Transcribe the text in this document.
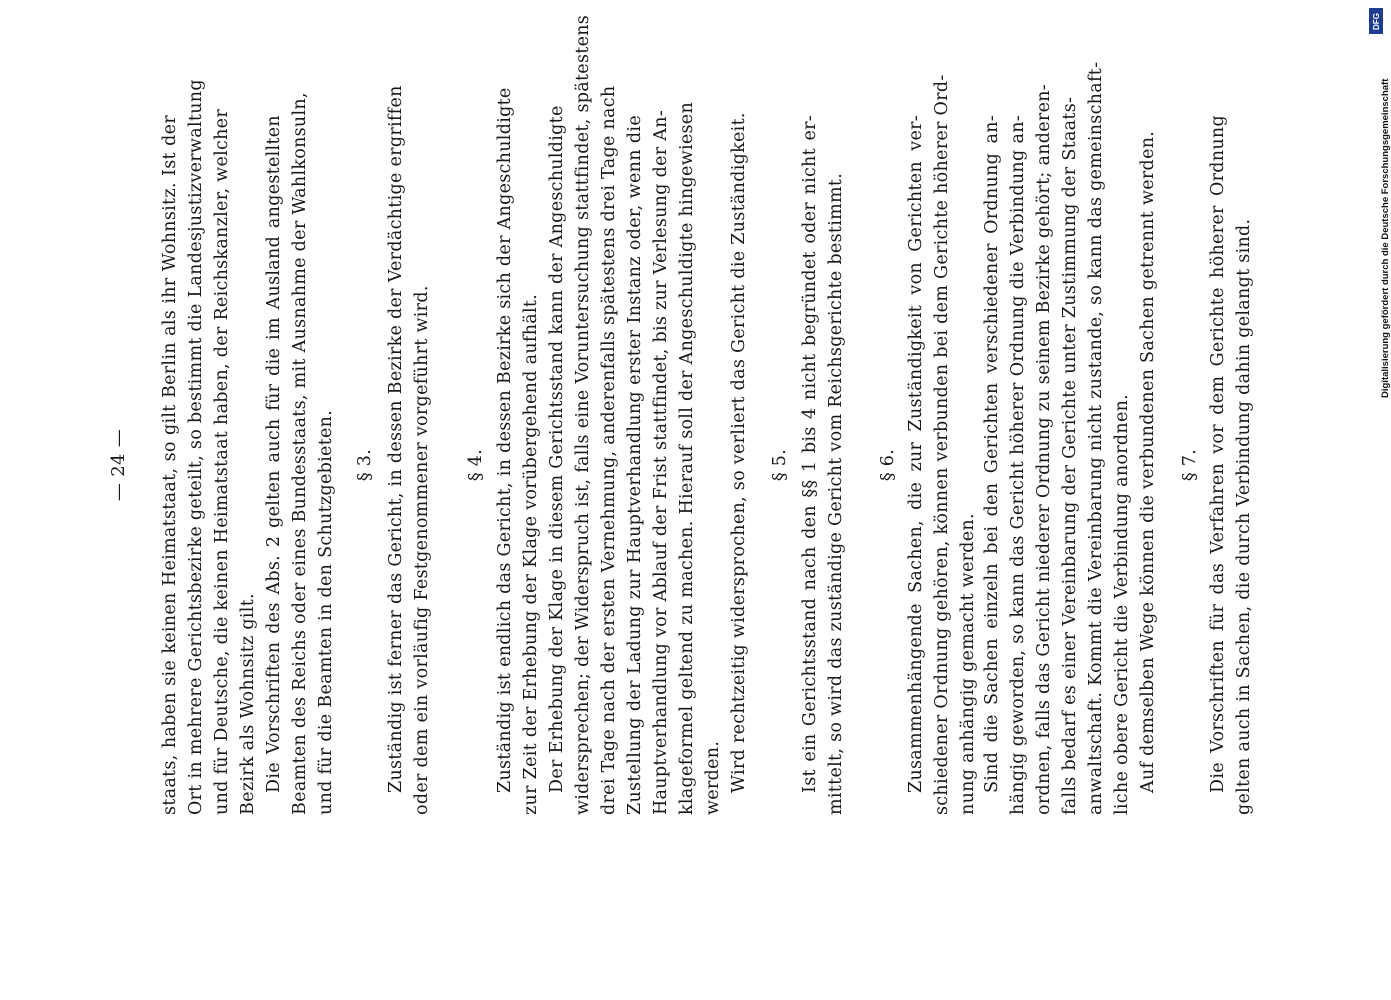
— 24 — staats, haben sie keinen Heimatstaat, so gilt Berlin als ihr Wohnsitz. Ist der Ort in mehrere Gerichtsbezirke geteilt, so bestimmt die Landesjustizverwaltung und für Deutsche, die keinen Heimatstaat haben, der Reichskanzler, welcher Bezirk als Wohnsitz gilt. Die Vorschriften des Abs. 2 gelten auch für die im Ausland angestellten Beamten des Reichs oder eines Bundesstaats, mit Ausnahme der Wahlkonsuln, und für die Beamten in den Schutzgebieten. § 3. Zuständig ist ferner das Gericht, in dessen Bezirke der Verdächtige ergriffen oder dem ein vorläufig Festgenommener vorgeführt wird. § 4. Zuständig ist endlich das Gericht, in dessen Bezirke sich der Angeschuldigte zur Zeit der Erhebung der Klage vorübergehend aufhält. Der Erhebung der Klage in diesem Gerichtsstand kann der Angeschuldigte widersprechen; der Widerspruch ist, falls eine Voruntersuchung stattfindet, spätestens drei Tage nach der ersten Vernehmung, anderenfalls spätestens drei Tage nach Zustellung der Ladung zur Hauptverhandlung erster Instanz oder, wenn die Hauptverhandlung vor Ablauf der Frist stattfindet, bis zur Verlesung der An- klageformel geltend zu machen. Hierauf soll der Angeschuldigte hingewiesen werden. Wird rechtzeitig widersprochen, so verliert das Gericht die Zuständigkeit. § 5. Ist ein Gerichtsstand nach den §§ 1 bis 4 nicht begründet oder nicht er- mittelt, so wird das zuständige Gericht vom Reichsgerichte bestimmt. § 6. Zusammenhängende Sachen, die zur Zuständigkeit von Gerichten ver- schiedener Ordnung gehören, können verbunden bei dem Gerichte höherer Ord- nung anhängig gemacht werden. Sind die Sachen einzeln bei den Gerichten verschiedener Ordnung an- hängig geworden, so kann das Gericht höherer Ordnung die Verbindung an- ordnen, falls das Gericht niederer Ordnung zu seinem Bezirke gehört; anderen- falls bedarf es einer Vereinbarung der Gerichte unter Zustimmung der Staats- anwaltschaft. Kommt die Vereinbarung nicht zustande, so kann das gemeinschaft- liche obere Gericht die Verbindung anordnen. Auf demselben Wege können die verbundenen Sachen getrennt werden. § 7. Die Vorschriften für das Verfahren vor dem Gerichte höherer Ordnung gelten auch in Sachen, die durch Verbindung dahin gelangt sind.	Digitalisierung gefördert durch die Deutsche Forschungsgemeinschaft
DFG
